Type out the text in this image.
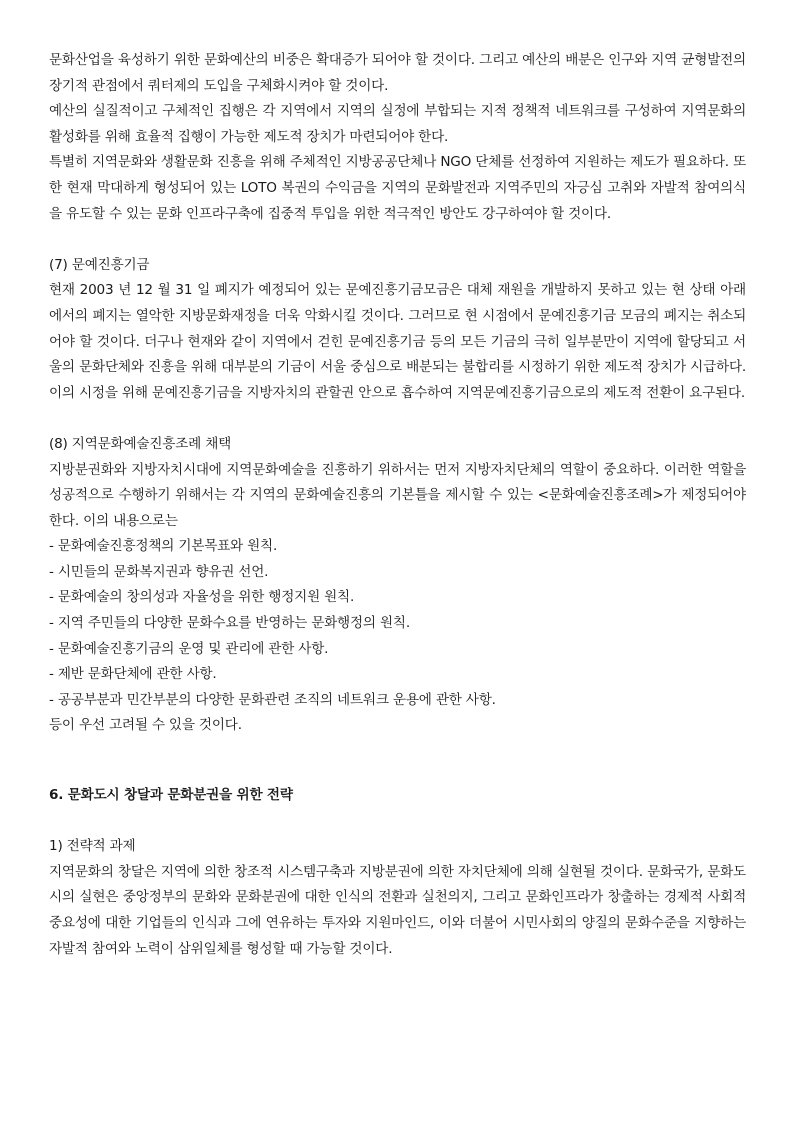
문화산업을 육성하기 위한 문화예산의 비중은 확대증가 되어야 할 것이다. 그리고 예산의 배분은 인구와 지역 균형발전의 장기적 관점에서 쿼터제의 도입을 구체화시켜야 할 것이다.

예산의 실질적이고 구체적인 집행은 각 지역에서 지역의 실정에 부합되는 지적 정책적 네트워크를 구성하여 지역문화의 활성화를 위해 효율적 집행이 가능한 제도적 장치가 마련되어야 한다.

특별히 지역문화와 생활문화 진흥을 위해 주체적인 지방공공단체나 NGO 단체를 선정하여 지원하는 제도가 필요하다. 또한 현재 막대하게 형성되어 있는 LOTO 복권의 수익금을 지역의 문화발전과 지역주민의 자긍심 고취와 자발적 참여의식을 유도할 수 있는 문화 인프라구축에 집중적 투입을 위한 적극적인 방안도 강구하여야 할 것이다.

(7) 문예진흥기금

현재 2003 년 12 월 31 일 폐지가 예정되어 있는 문예진흥기금모금은 대체 재원을 개발하지 못하고 있는 현 상태 아래에서의 폐지는 열악한 지방문화재정을 더욱 악화시킬 것이다. 그러므로 현 시점에서 문예진흥기금 모금의 폐지는 취소되어야 할 것이다. 더구나 현재와 같이 지역에서 걷힌 문예진흥기금 등의 모든 기금의 극히 일부분만이 지역에 할당되고 서울의 문화단체와 진흥을 위해 대부분의 기금이 서울 중심으로 배분되는 불합리를 시정하기 위한 제도적 장치가 시급하다. 이의 시정을 위해 문예진흥기금을 지방자치의 관할권 안으로 흡수하여 지역문예진흥기금으로의 제도적 전환이 요구된다.

(8) 지역문화예술진흥조례 채택

지방분권화와 지방자치시대에 지역문화예술을 진흥하기 위하서는 먼저 지방자치단체의 역할이 중요하다. 이러한 역할을 성공적으로 수행하기 위해서는 각 지역의 문화예술진흥의 기본틀을 제시할 수 있는 <문화예술진흥조례>가 제정되어야 한다. 이의 내용으로는

- 문화예술진흥정책의 기본목표와 원칙.
- 시민들의 문화복지권과 향유권 선언.
- 문화예술의 창의성과 자율성을 위한 행정지원 원칙.
- 지역 주민들의 다양한 문화수요를 반영하는 문화행정의 원칙.
- 문화예술진흥기금의 운영 및 관리에 관한 사항.
- 제반 문화단체에 관한 사항.
- 공공부분과 민간부분의 다양한 문화관련 조직의 네트워크 운용에 관한 사항.

등이 우선 고려될 수 있을 것이다.

6. 문화도시 창달과 문화분권을 위한 전략

1) 전략적 과제

지역문화의 창달은 지역에 의한 창조적 시스템구축과 지방분권에 의한 자치단체에 의해 실현될 것이다. 문화국가, 문화도시의 실현은 중앙정부의 문화와 문화분권에 대한 인식의 전환과 실천의지, 그리고 문화인프라가 창출하는 경제적 사회적 중요성에 대한 기업들의 인식과 그에 연유하는 투자와 지원마인드, 이와 더불어 시민사회의 양질의 문화수준을 지향하는 자발적 참여와 노력이 삼위일체를 형성할 때 가능할 것이다.
